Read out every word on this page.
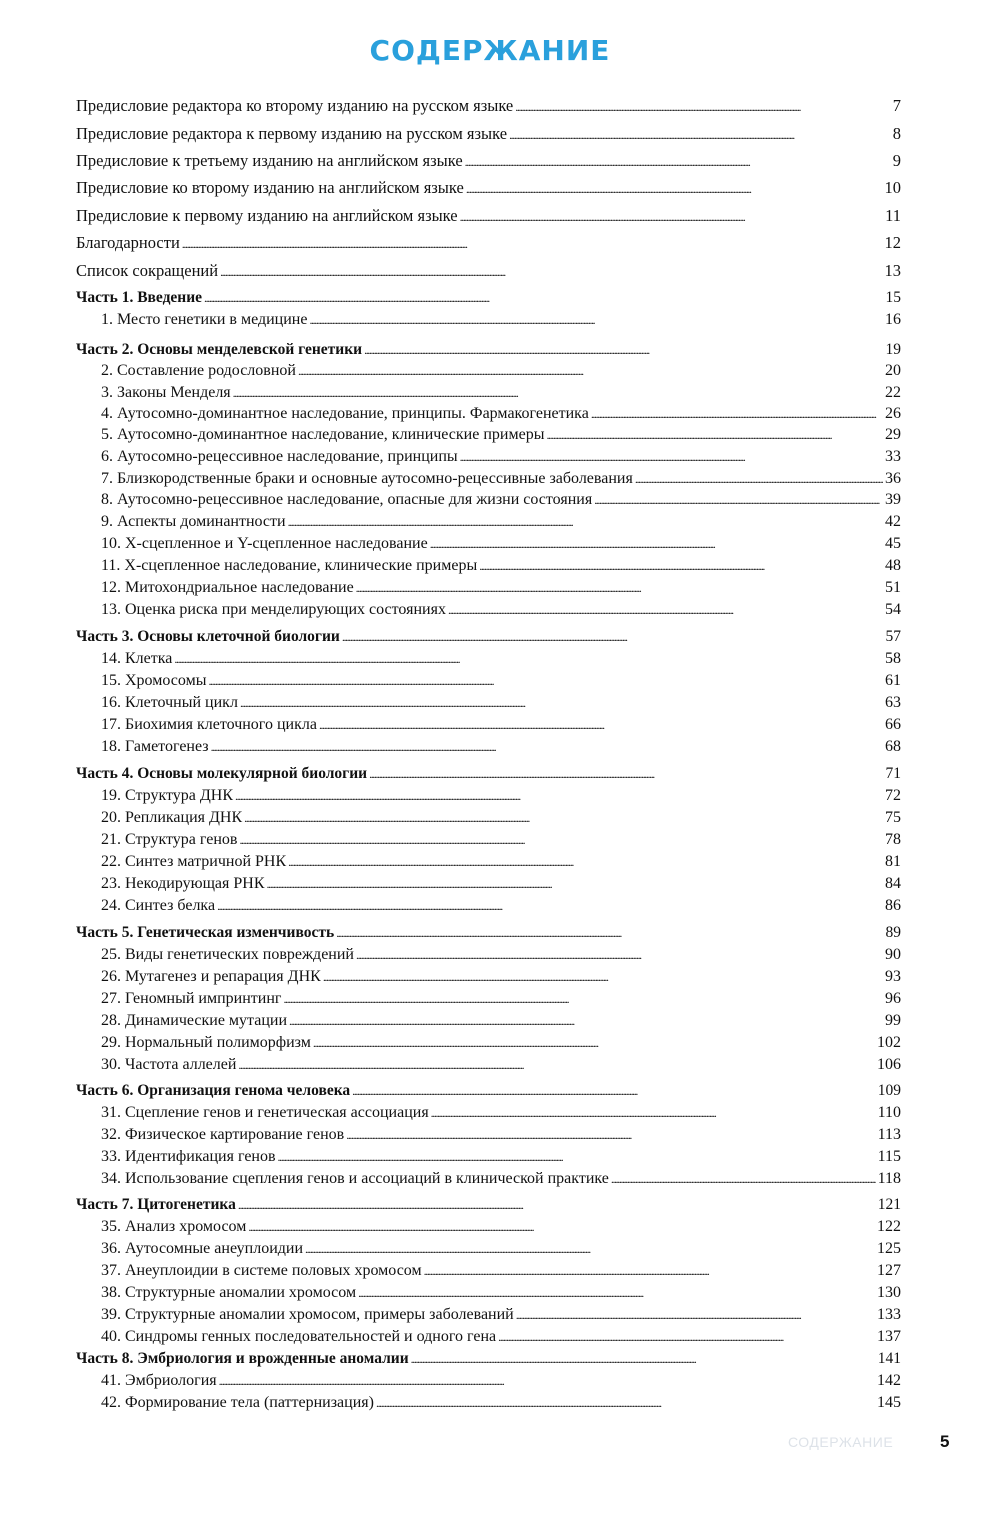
СОДЕРЖАНИЕ
Предисловие редактора ко второму изданию на русском языке . . .	7
Предисловие редактора к первому изданию на русском языке . . .	8
Предисловие к третьему изданию на английском языке . . .	9
Предисловие ко второму изданию на английском языке . . .	10
Предисловие к первому изданию на английском языке . . .	11
Благодарности . . .	12
Список сокращений . . .	13
Часть 1. Введение . . .	15
1. Место генетики в медицине . . .	16
Часть 2. Основы менделевской генетики . . .	19
2. Составление родословной . . .	20
3. Законы Менделя . . .	22
4. Аутосомно-доминантное наследование, принципы. Фармакогенетика . . .	26
5. Аутосомно-доминантное наследование, клинические примеры . . .	29
6. Аутосомно-рецессивное наследование, принципы . . .	33
7. Близкородственные браки и основные аутосомно-рецессивные заболевания . . .	36
8. Аутосомно-рецессивное наследование, опасные для жизни состояния . . .	39
9. Аспекты доминантности . . .	42
10. Х-сцепленное и Y-сцепленное наследование . . .	45
11. Х-сцепленное наследование, клинические примеры . . .	48
12. Митохондриальное наследование . . .	51
13. Оценка риска при менделирующих состояниях . . .	54
Часть 3. Основы клеточной биологии . . .	57
14. Клетка . . .	58
15. Хромосомы . . .	61
16. Клеточный цикл . . .	63
17. Биохимия клеточного цикла . . .	66
18. Гаметогенез . . .	68
Часть 4. Основы молекулярной биологии . . .	71
19. Структура ДНК . . .	72
20. Репликация ДНК . . .	75
21. Структура генов . . .	78
22. Синтез матричной РНК . . .	81
23. Некодирующая РНК . . .	84
24. Синтез белка . . .	86
Часть 5. Генетическая изменчивость . . .	89
25. Виды генетических повреждений . . .	90
26. Мутагенез и репарация ДНК . . .	93
27. Геномный импринтинг . . .	96
28. Динамические мутации . . .	99
29. Нормальный полиморфизм . . .	102
30. Частота аллелей . . .	106
Часть 6. Организация генома человека . . .	109
31. Сцепление генов и генетическая ассоциация . . .	110
32. Физическое картирование генов . . .	113
33. Идентификация генов . . .	115
34. Использование сцепления генов и ассоциаций в клинической практике . . .	118
Часть 7. Цитогенетика . . .	121
35. Анализ хромосом . . .	122
36. Аутосомные анеуплоидии . . .	125
37. Анеуплоидии в системе половых хромосом . . .	127
38. Структурные аномалии хромосом . . .	130
39. Структурные аномалии хромосом, примеры заболеваний . . .	133
40. Синдромы генных последовательностей и одного гена . . .	137
Часть 8. Эмбриология и врожденные аномалии . . .	141
41. Эмбриология . . .	142
42. Формирование тела (паттернизация) . . .	145
СОДЕРЖАНИЕ	5
